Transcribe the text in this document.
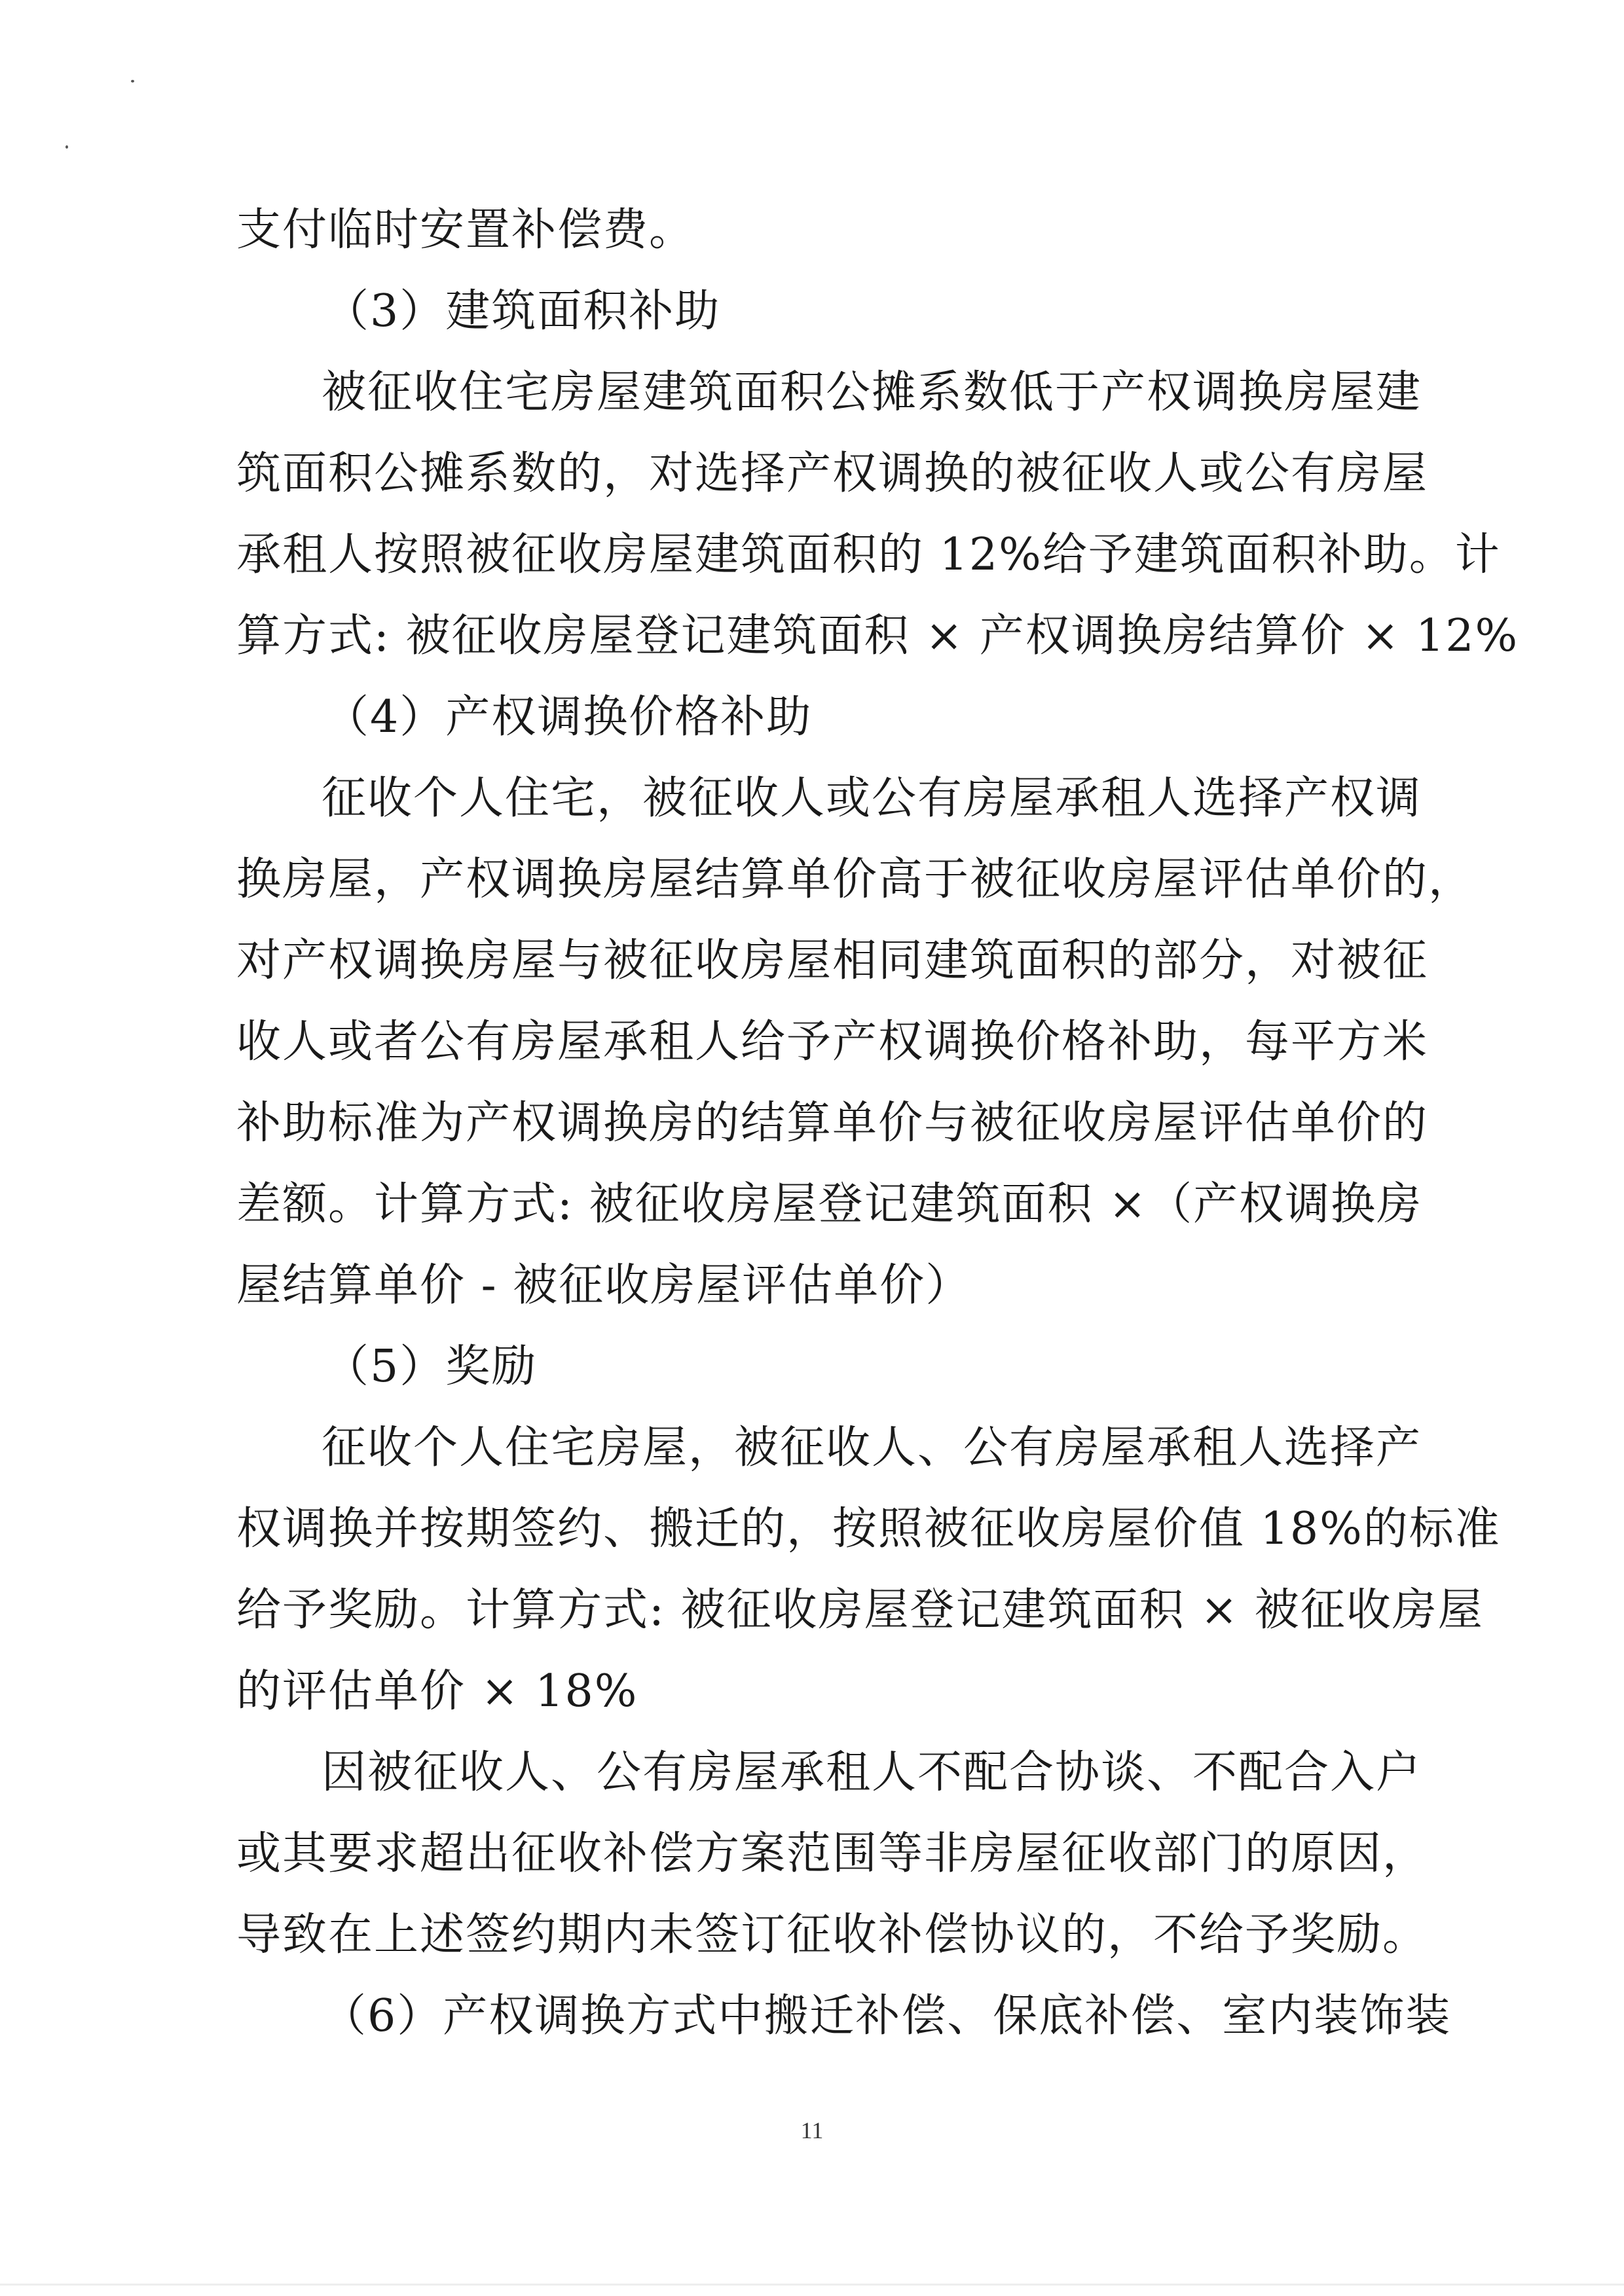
支付临时安置补偿费。
（3）建筑面积补助
被征收住宅房屋建筑面积公摊系数低于产权调换房屋建
筑面积公摊系数的，对选择产权调换的被征收人或公有房屋
承租人按照被征收房屋建筑面积的 12%给予建筑面积补助。计
算方式: 被征收房屋登记建筑面积 × 产权调换房结算价 × 12%
（4）产权调换价格补助
征收个人住宅，被征收人或公有房屋承租人选择产权调
换房屋，产权调换房屋结算单价高于被征收房屋评估单价的，
对产权调换房屋与被征收房屋相同建筑面积的部分，对被征
收人或者公有房屋承租人给予产权调换价格补助，每平方米
补助标准为产权调换房的结算单价与被征收房屋评估单价的
差额。计算方式: 被征收房屋登记建筑面积 ×（产权调换房
屋结算单价 - 被征收房屋评估单价）
（5）奖励
征收个人住宅房屋，被征收人、公有房屋承租人选择产
权调换并按期签约、搬迁的，按照被征收房屋价值 18%的标准
给予奖励。计算方式: 被征收房屋登记建筑面积 × 被征收房屋
的评估单价 × 18%
因被征收人、公有房屋承租人不配合协谈、不配合入户
或其要求超出征收补偿方案范围等非房屋征收部门的原因，
导致在上述签约期内未签订征收补偿协议的，不给予奖励。
（6）产权调换方式中搬迁补偿、保底补偿、室内装饰装
11
